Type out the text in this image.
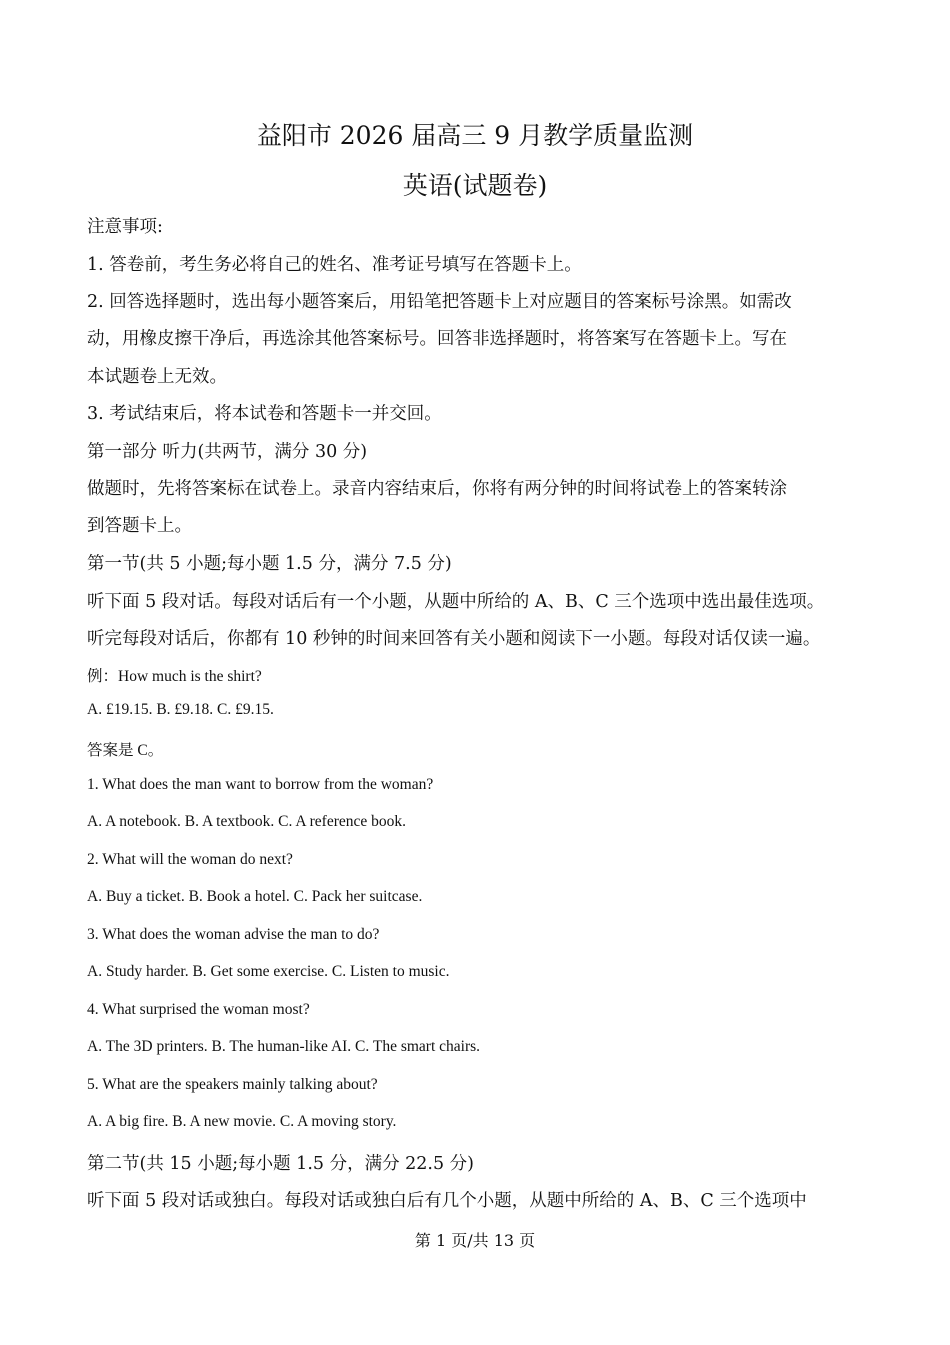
益阳市 2026 届高三 9 月教学质量监测
英语(试题卷)
注意事项:
1. 答卷前，考生务必将自己的姓名、准考证号填写在答题卡上。
2. 回答选择题时，选出每小题答案后，用铅笔把答题卡上对应题目的答案标号涂黑。如需改
动，用橡皮擦干净后，再选涂其他答案标号。回答非选择题时，将答案写在答题卡上。写在
本试题卷上无效。
3. 考试结束后，将本试卷和答题卡一并交回。
第一部分 听力(共两节，满分 30 分)
做题时，先将答案标在试卷上。录音内容结束后，你将有两分钟的时间将试卷上的答案转涂
到答题卡上。
第一节(共 5 小题;每小题 1.5 分，满分 7.5 分)
听下面 5 段对话。每段对话后有一个小题，从题中所给的 A、B、C 三个选项中选出最佳选项。
听完每段对话后，你都有 10 秒钟的时间来回答有关小题和阅读下一小题。每段对话仅读一遍。
例：How much is the shirt?
A. £19.15. B. £9.18. C. £9.15.
答案是 C。
1. What does the man want to borrow from the woman?
A. A notebook. B. A textbook. C. A reference book.
2. What will the woman do next?
A. Buy a ticket. B. Book a hotel. C. Pack her suitcase.
3. What does the woman advise the man to do?
A. Study harder. B. Get some exercise. C. Listen to music.
4. What surprised the woman most?
A. The 3D printers. B. The human-like AI. C. The smart chairs.
5. What are the speakers mainly talking about?
A. A big fire. B. A new movie. C. A moving story.
第二节(共 15 小题;每小题 1.5 分，满分 22.5 分)
听下面 5 段对话或独白。每段对话或独白后有几个小题，从题中所给的 A、B、C 三个选项中
第 1 页/共 13 页
